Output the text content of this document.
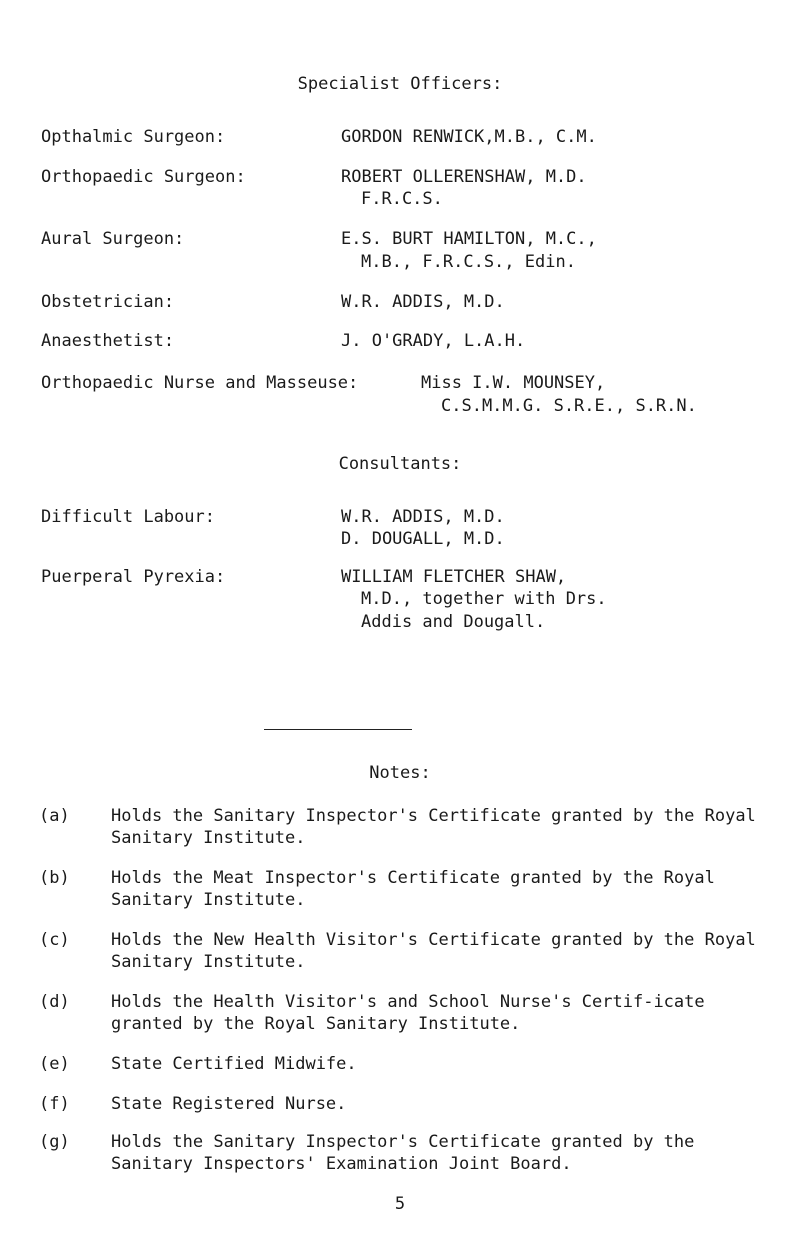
Specialist Officers:
Opthalmic Surgeon:	GORDON RENWICK,M.B., C.M.
Orthopaedic Surgeon:	ROBERT OLLERENSHAW, M.D.
F.R.C.S.
Aural Surgeon:	E.S. BURT HAMILTON, M.C.,
M.B., F.R.C.S., Edin.
Obstetrician:	W.R. ADDIS, M.D.
Anaesthetist:	J. O'GRADY, L.A.H.
Orthopaedic Nurse and Masseuse:	Miss I.W. MOUNSEY,
C.S.M.M.G. S.R.E., S.R.N.
Consultants:
Difficult Labour:	W.R. ADDIS, M.D.
D. DOUGALL, M.D.
Puerperal Pyrexia:	WILLIAM FLETCHER SHAW,
M.D., together with Drs.
Addis and Dougall.
Notes:
(a)	Holds the Sanitary Inspector's Certificate granted by the Royal Sanitary Institute.
(b)	Holds the Meat Inspector's Certificate granted by the Royal Sanitary Institute.
(c)	Holds the New Health Visitor's Certificate granted by the Royal Sanitary Institute.
(d)	Holds the Health Visitor's and School Nurse's Certif-icate granted by the Royal Sanitary Institute.
(e)	State Certified Midwife.
(f)	State Registered Nurse.
(g)	Holds the Sanitary Inspector's Certificate granted by the Sanitary Inspectors' Examination Joint Board.
5
